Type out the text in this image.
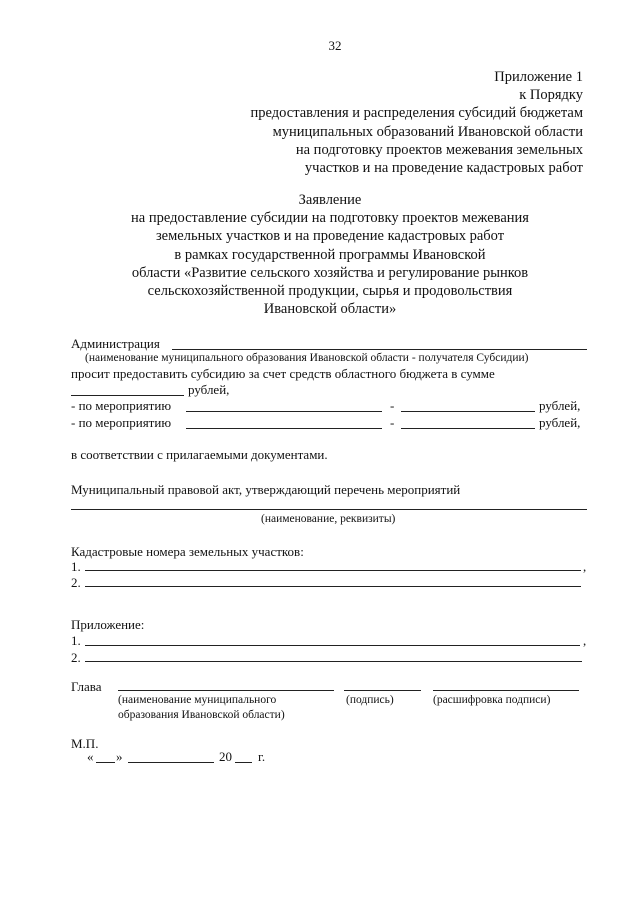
32
Приложение 1
к Порядку
предоставления и распределения субсидий бюджетам
муниципальных образований Ивановской области
на подготовку проектов межевания земельных
участков и на проведение кадастровых работ
Заявление
на предоставление субсидии на подготовку проектов межевания
земельных участков и на проведение кадастровых работ
в рамках государственной программы Ивановской
области «Развитие сельского хозяйства и регулирование рынков
сельскохозяйственной продукции, сырья и продовольствия
Ивановской области»
Администрация
(наименование муниципального образования Ивановской области - получателя Субсидии)
просит предоставить субсидию за счет средств областного бюджета в сумме
рублей,
- по мероприятию	-	рублей,
- по мероприятию	-	рублей,
в соответствии с прилагаемыми документами.
Муниципальный правовой акт, утверждающий перечень мероприятий
(наименование, реквизиты)
Кадастровые номера земельных участков:
1.	,
2.
Приложение:
1.	,
2.
Глава
(наименование муниципального
образования Ивановской области)
(подпись)	(расшифровка подписи)
М.П.
« »	20 г.
